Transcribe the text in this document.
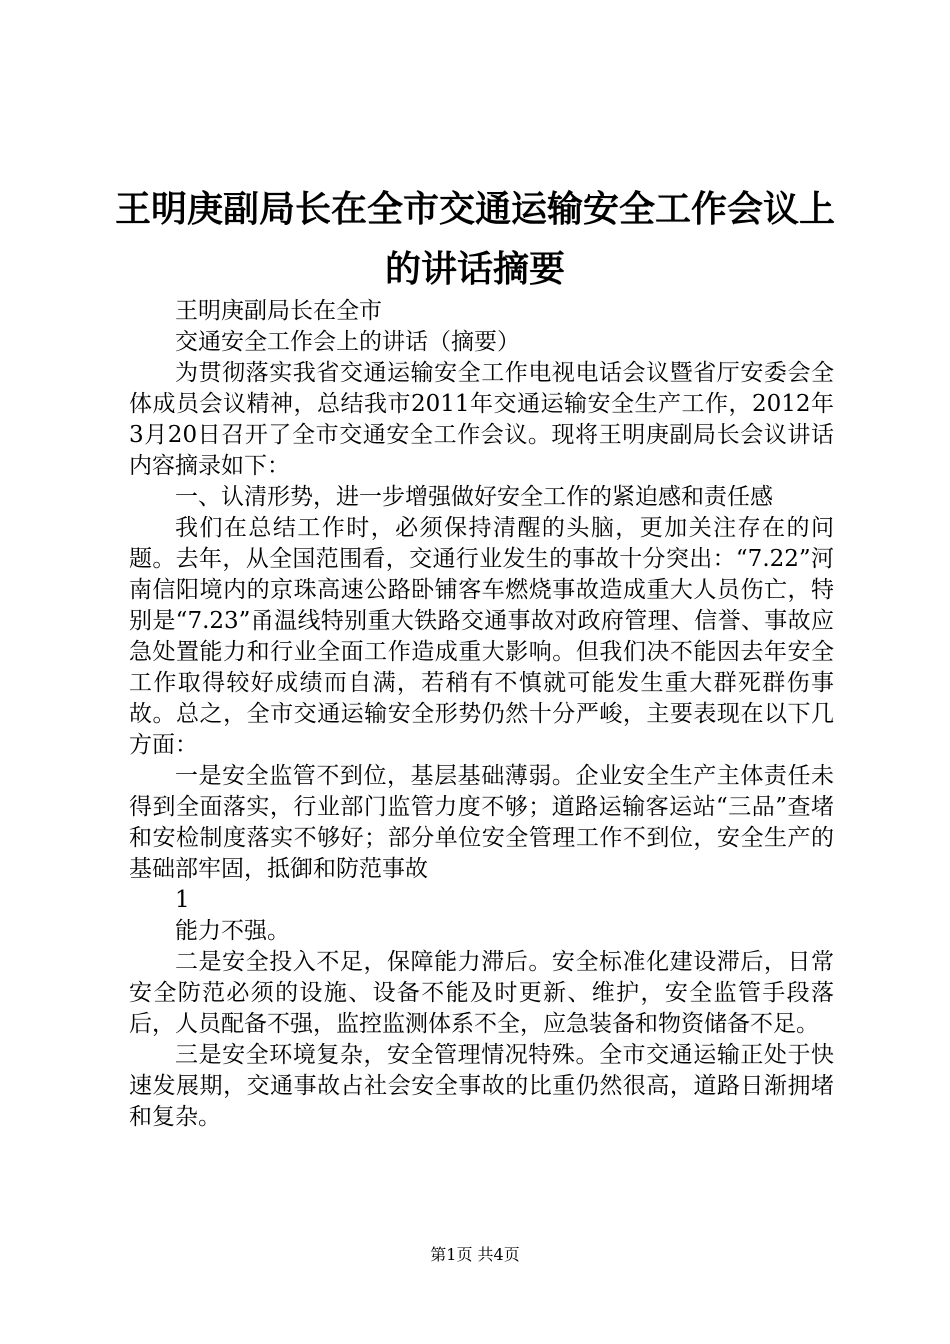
王明庚副局长在全市交通运输安全工作会议上
的讲话摘要

王明庚副局长在全市

交通安全工作会上的讲话（摘要）

为贯彻落实我省交通运输安全工作电视电话会议暨省厅安委会全体成员会议精神，总结我市2011年交通运输安全生产工作，2012年3月20日召开了全市交通安全工作会议。现将王明庚副局长会议讲话内容摘录如下：

一、认清形势，进一步增强做好安全工作的紧迫感和责任感

我们在总结工作时，必须保持清醒的头脑，更加关注存在的问题。去年，从全国范围看，交通行业发生的事故十分突出：“7.22”河南信阳境内的京珠高速公路卧铺客车燃烧事故造成重大人员伤亡，特别是“7.23”甬温线特别重大铁路交通事故对政府管理、信誉、事故应急处置能力和行业全面工作造成重大影响。但我们决不能因去年安全工作取得较好成绩而自满，若稍有不慎就可能发生重大群死群伤事故。总之，全市交通运输安全形势仍然十分严峻，主要表现在以下几方面：

一是安全监管不到位，基层基础薄弱。企业安全生产主体责任未得到全面落实，行业部门监管力度不够；道路运输客运站“三品”查堵和安检制度落实不够好；部分单位安全管理工作不到位，安全生产的基础部牢固，抵御和防范事故

1

能力不强。

二是安全投入不足，保障能力滞后。安全标准化建设滞后，日常安全防范必须的设施、设备不能及时更新、维护，安全监管手段落后，人员配备不强，监控监测体系不全，应急装备和物资储备不足。

三是安全环境复杂，安全管理情况特殊。全市交通运输正处于快速发展期，交通事故占社会安全事故的比重仍然很高，道路日渐拥堵和复杂。

第1页 共4页
